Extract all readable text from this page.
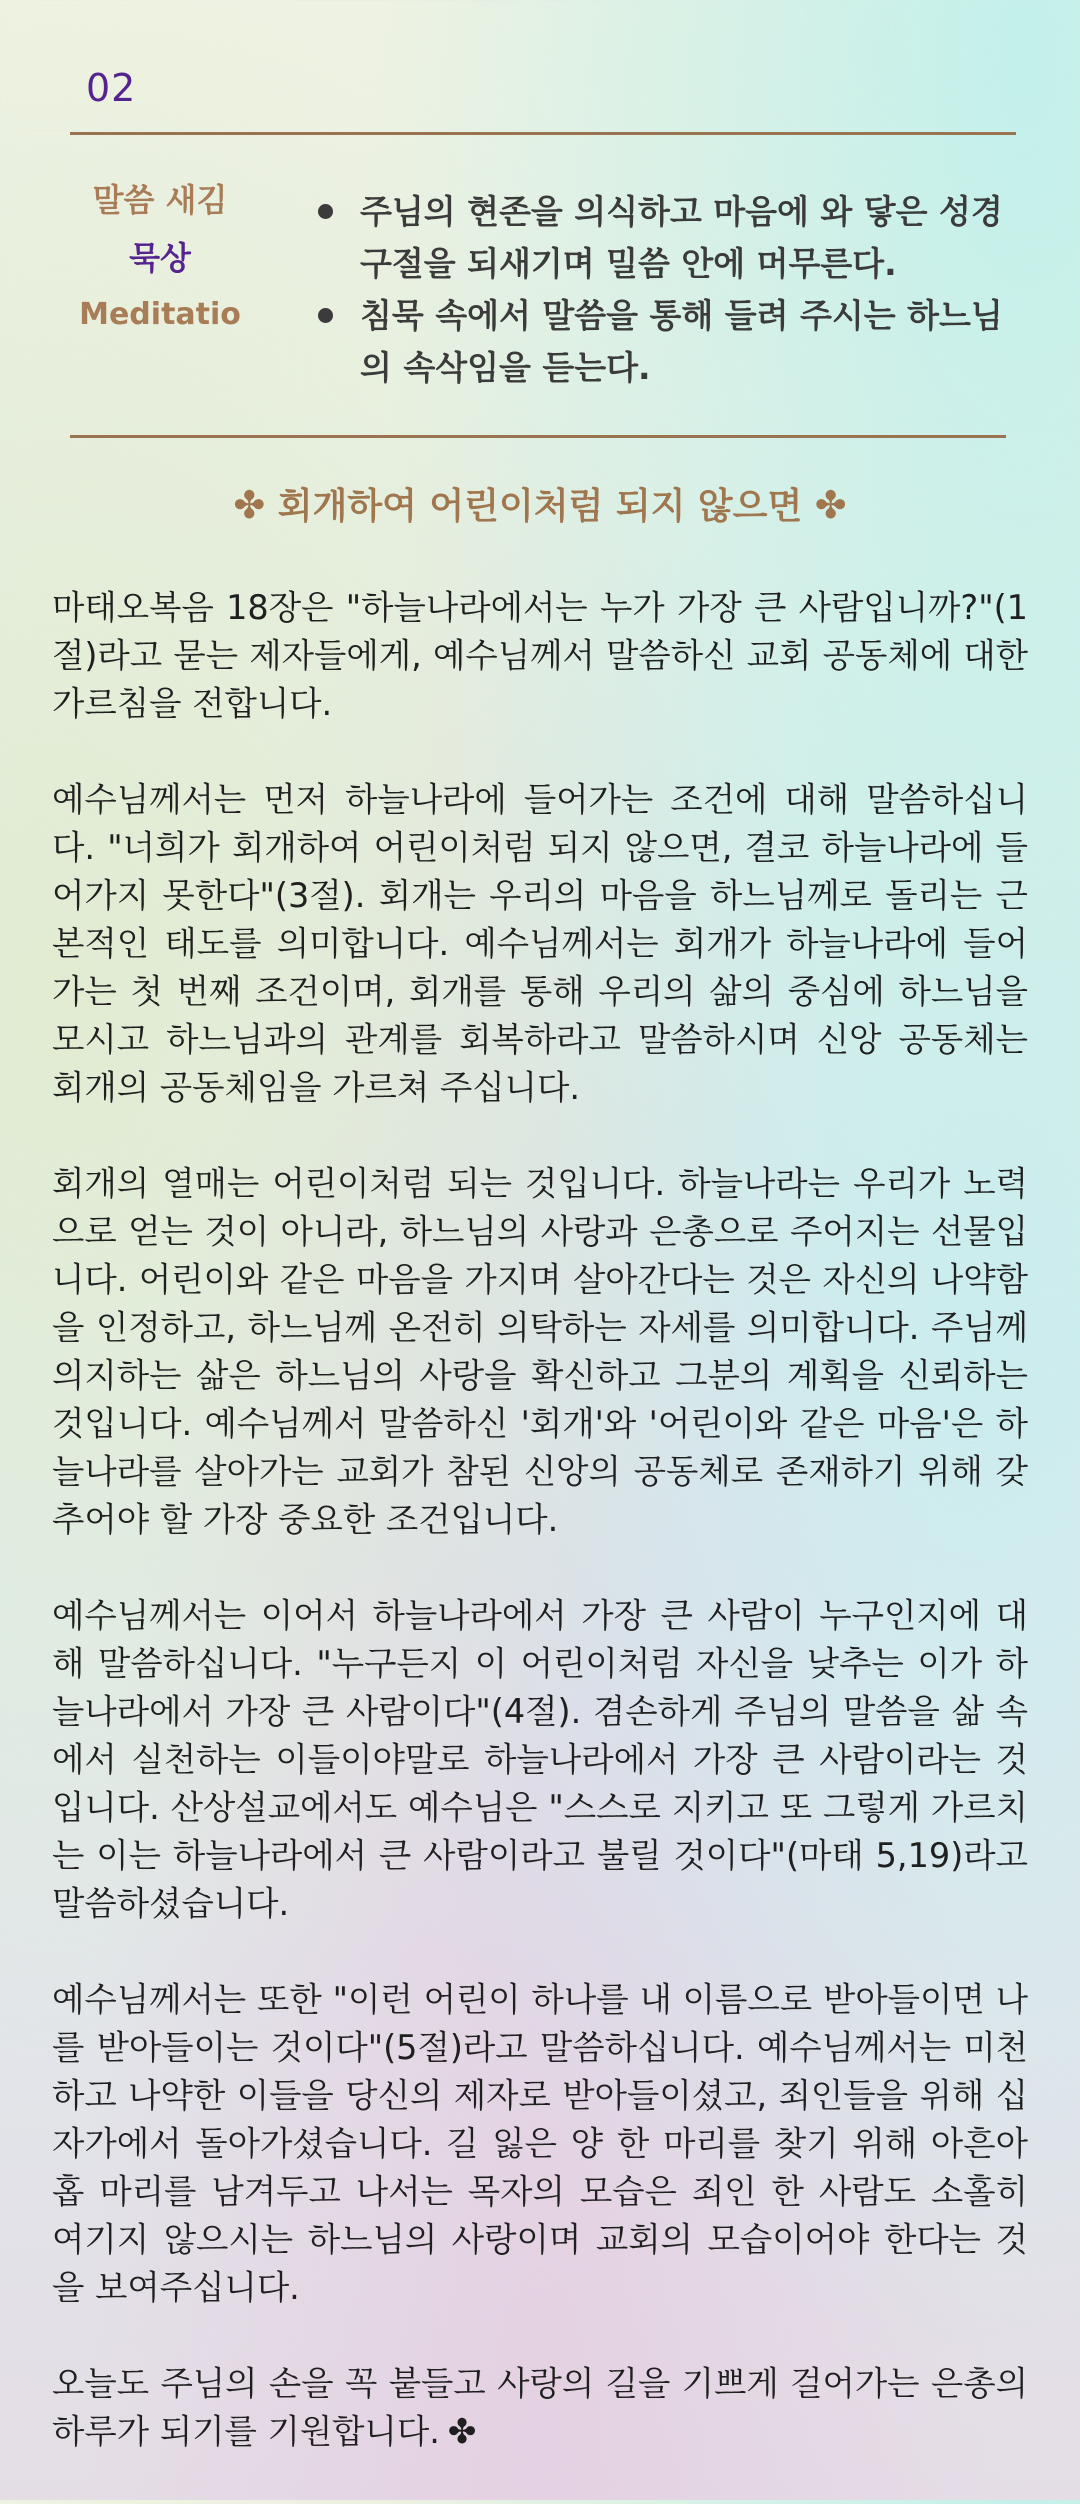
02
말씀 새김
묵상
Meditatio
주님의 현존을 의식하고 마음에 와 닿은 성경구절을 되새기며 밀씀 안에 머무른다.
침묵 속에서 말씀을 통해 들려 주시는 하느님의 속삭임을 듣는다.
✤ 회개하여 어린이처럼 되지 않으면 ✤

마태오복음 18장은 "하늘나라에서는 누가 가장 큰 사람입니까?"(1절)라고 묻는 제자들에게, 예수님께서 말씀하신 교회 공동체에 대한 가르침을 전합니다.

예수님께서는 먼저 하늘나라에 들어가는 조건에 대해 말씀하십니다. "너희가 회개하여 어린이처럼 되지 않으면, 결코 하늘나라에 들어가지 못한다"(3절). 회개는 우리의 마음을 하느님께로 돌리는 근본적인 태도를 의미합니다. 예수님께서는 회개가 하늘나라에 들어가는 첫 번째 조건이며, 회개를 통해 우리의 삶의 중심에 하느님을 모시고 하느님과의 관계를 회복하라고 말씀하시며 신앙 공동체는 회개의 공동체임을 가르쳐 주십니다.

회개의 열매는 어린이처럼 되는 것입니다. 하늘나라는 우리가 노력으로 얻는 것이 아니라, 하느님의 사랑과 은총으로 주어지는 선물입니다. 어린이와 같은 마음을 가지며 살아간다는 것은 자신의 나약함을 인정하고, 하느님께 온전히 의탁하는 자세를 의미합니다. 주님께 의지하는 삶은 하느님의 사랑을 확신하고 그분의 계획을 신뢰하는 것입니다. 예수님께서 말씀하신 '회개'와 '어린이와 같은 마음'은 하늘나라를 살아가는 교회가 참된 신앙의 공동체로 존재하기 위해 갖추어야 할 가장 중요한 조건입니다.

예수님께서는 이어서 하늘나라에서 가장 큰 사람이 누구인지에 대해 말씀하십니다. "누구든지 이 어린이처럼 자신을 낮추는 이가 하늘나라에서 가장 큰 사람이다"(4절). 겸손하게 주님의 말씀을 삶 속에서 실천하는 이들이야말로 하늘나라에서 가장 큰 사람이라는 것입니다. 산상설교에서도 예수님은 "스스로 지키고 또 그렇게 가르치는 이는 하늘나라에서 큰 사람이라고 불릴 것이다"(마태 5,19)라고 말씀하셨습니다.

예수님께서는 또한 "이런 어린이 하나를 내 이름으로 받아들이면 나를 받아들이는 것이다"(5절)라고 말씀하십니다. 예수님께서는 미천하고 나약한 이들을 당신의 제자로 받아들이셨고, 죄인들을 위해 십자가에서 돌아가셨습니다. 길 잃은 양 한 마리를 찾기 위해 아흔아홉 마리를 남겨두고 나서는 목자의 모습은 죄인 한 사람도 소홀히 여기지 않으시는 하느님의 사랑이며 교회의 모습이어야 한다는 것을 보여주십니다.

오늘도 주님의 손을 꼭 붙들고 사랑의 길을 기쁘게 걸어가는 은총의 하루가 되기를 기원합니다. ✤
